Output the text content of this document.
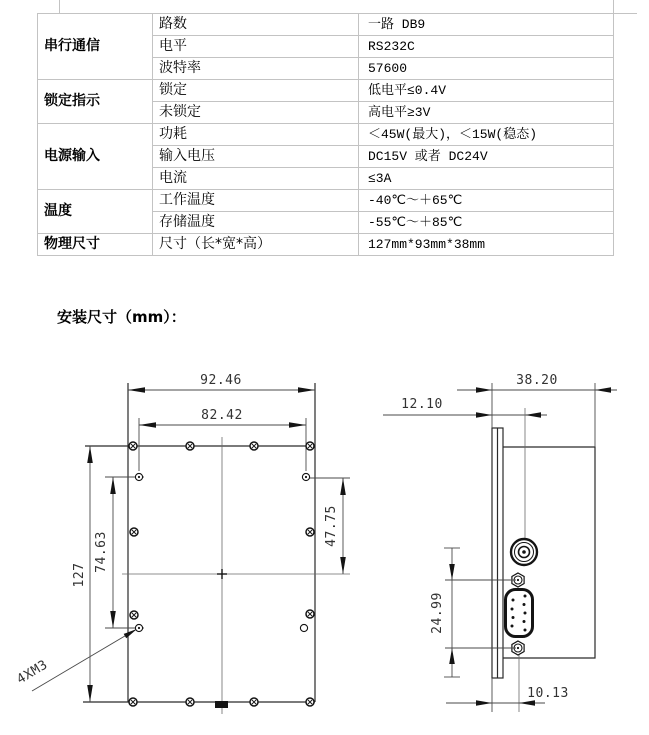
串行通信	路数	一路 DB9
	电平	RS232C
	波特率	57600
锁定指示	锁定	低电平≤0.4V
	未锁定	高电平≥3V
电源输入	功耗	＜45W(最大)，＜15W(稳态)
	输入电压	DC15V 或者 DC24V
	电流	≤3A
温度	工作温度	-40℃～＋65℃
	存储温度	-55℃～＋85℃
物理尺寸	尺寸（长*宽*高）	127mm*93mm*38mm
安装尺寸（mm）：
92.46
82.42
127
74.63
47.75
4XM3
38.20
12.10
24.99
10.13
